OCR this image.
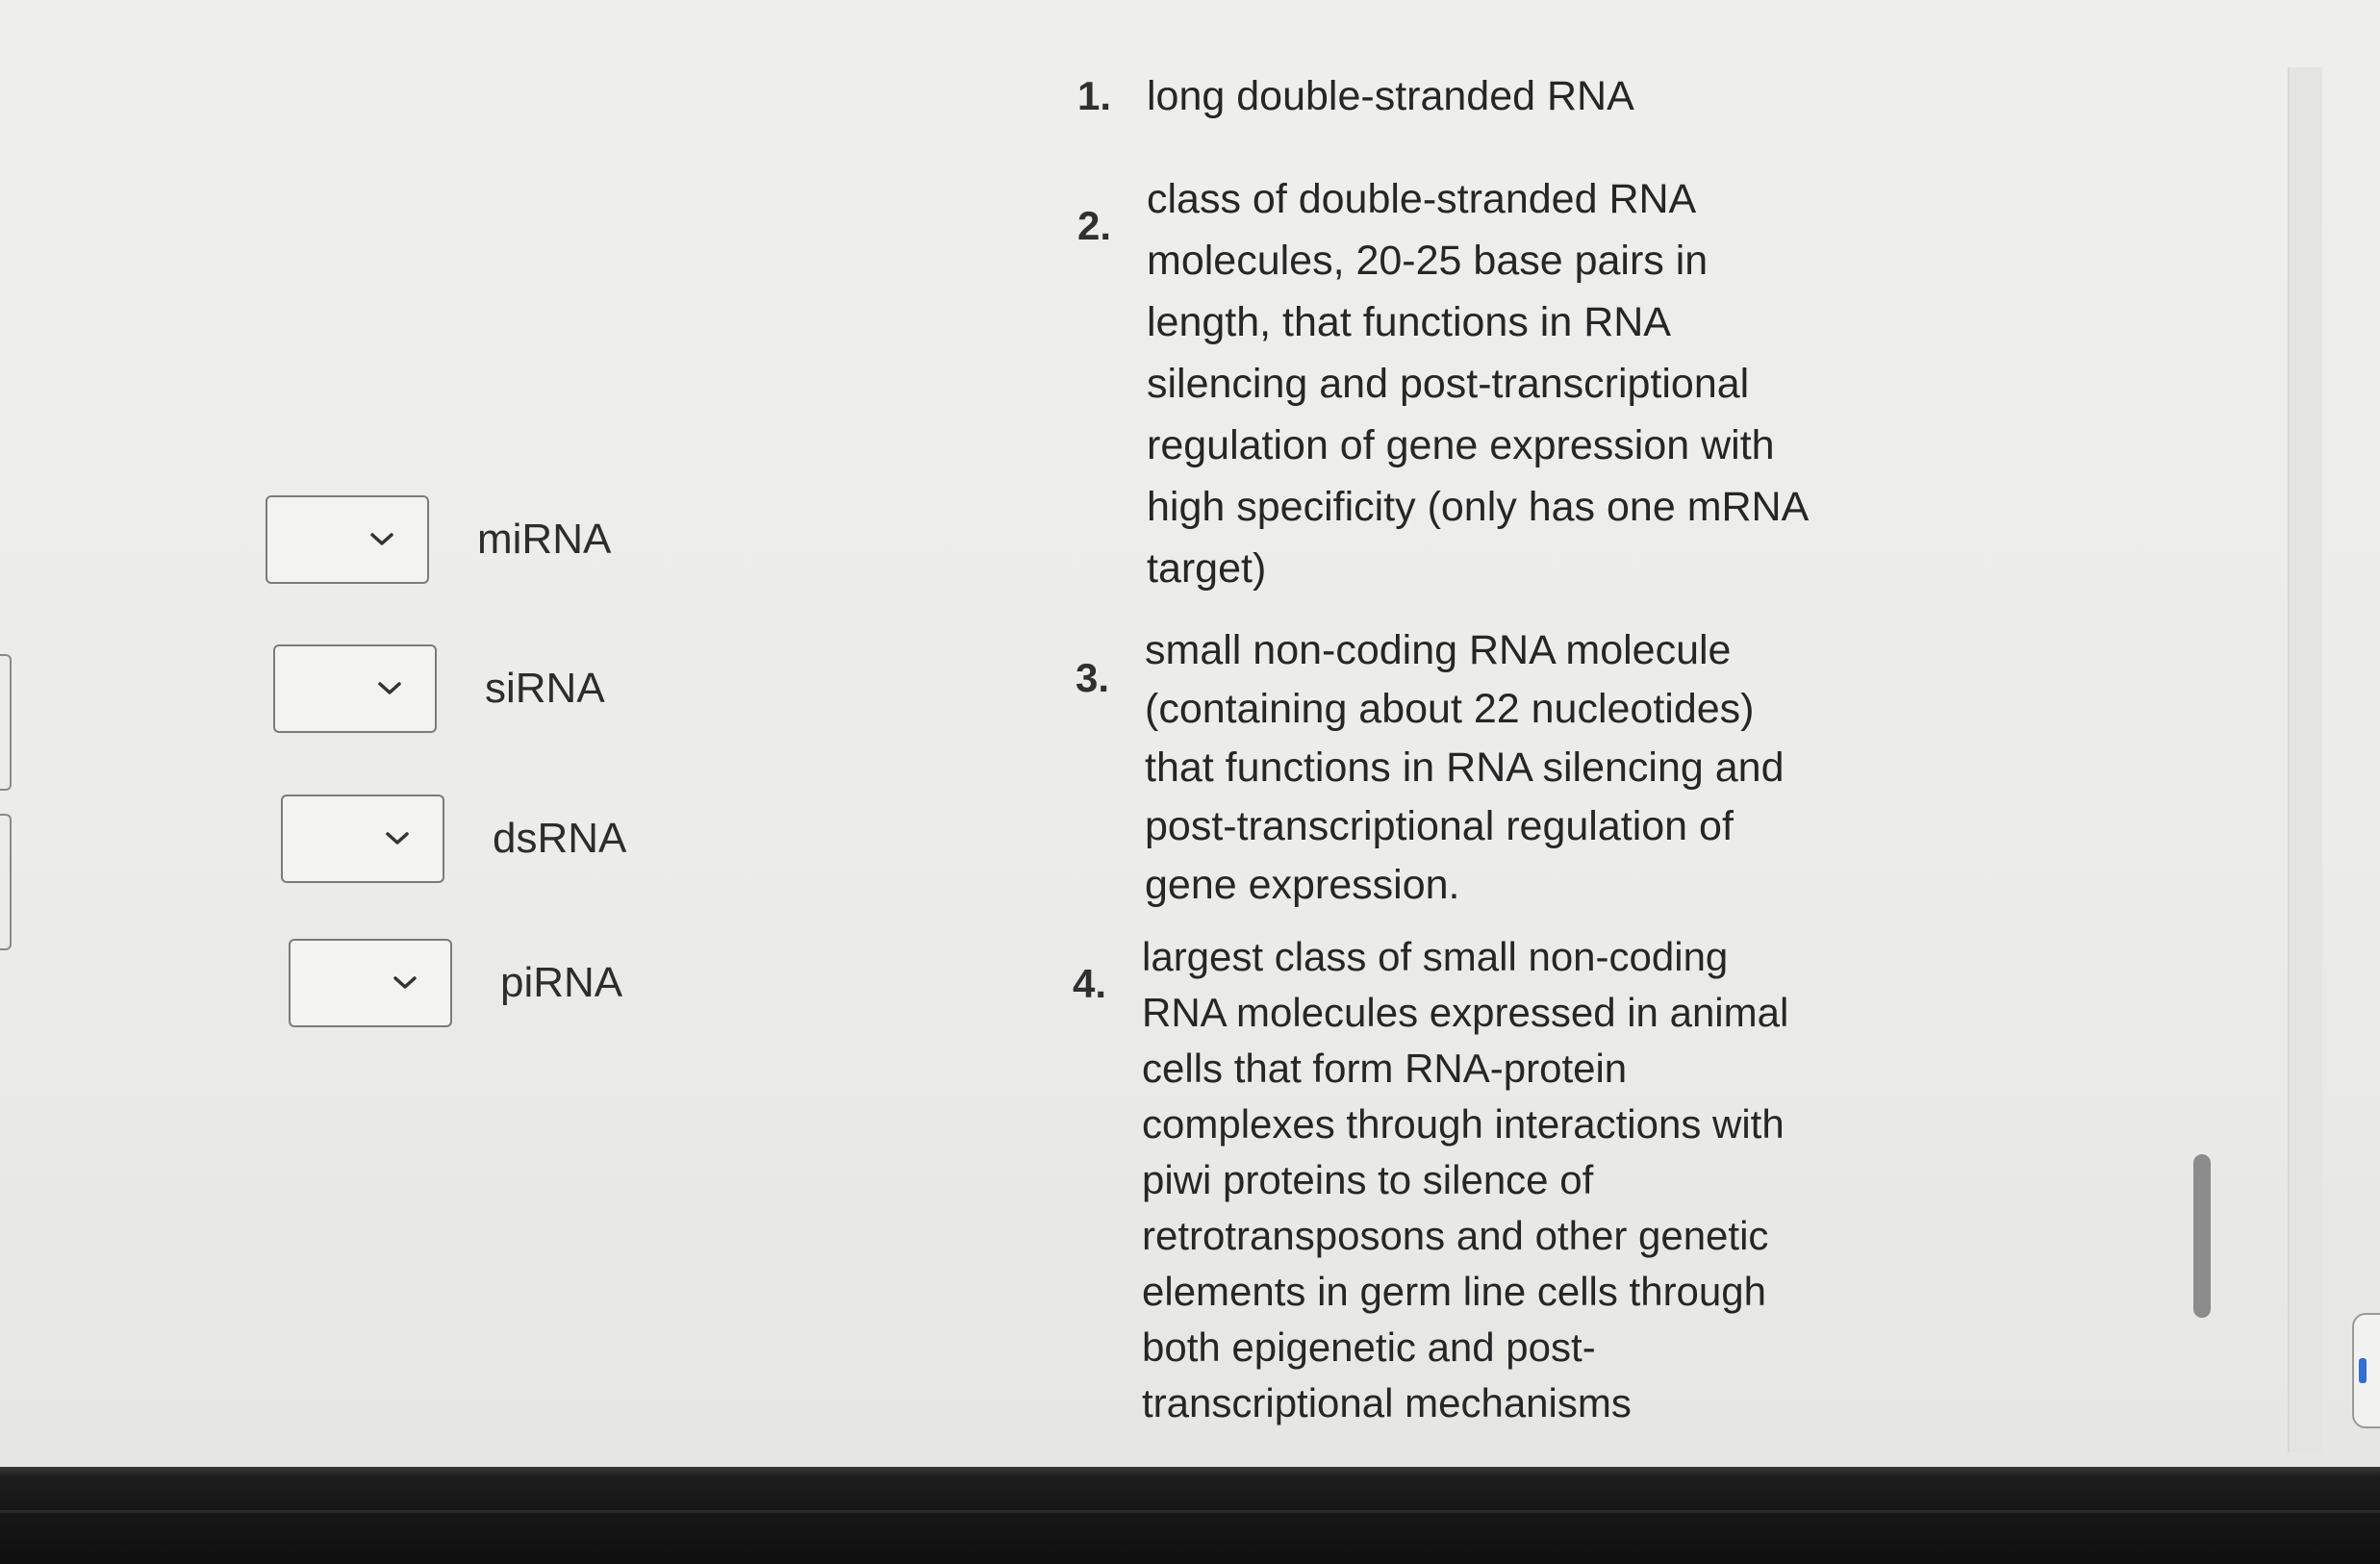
miRNA
siRNA
dsRNA
piRNA
1. long double-stranded RNA
2.
class of double-stranded RNA molecules, 20-25 base pairs in length, that functions in RNA silencing and post-transcriptional regulation of gene expression with high specificity (only has one mRNA target)
3.
small non-coding RNA molecule (containing about 22 nucleotides) that functions in RNA silencing and post-transcriptional regulation of gene expression.
4.
largest class of small non-coding RNA molecules expressed in animal cells that form RNA-protein complexes through interactions with piwi proteins to silence of retrotransposons and other genetic elements in germ line cells through both epigenetic and post-transcriptional mechanisms
